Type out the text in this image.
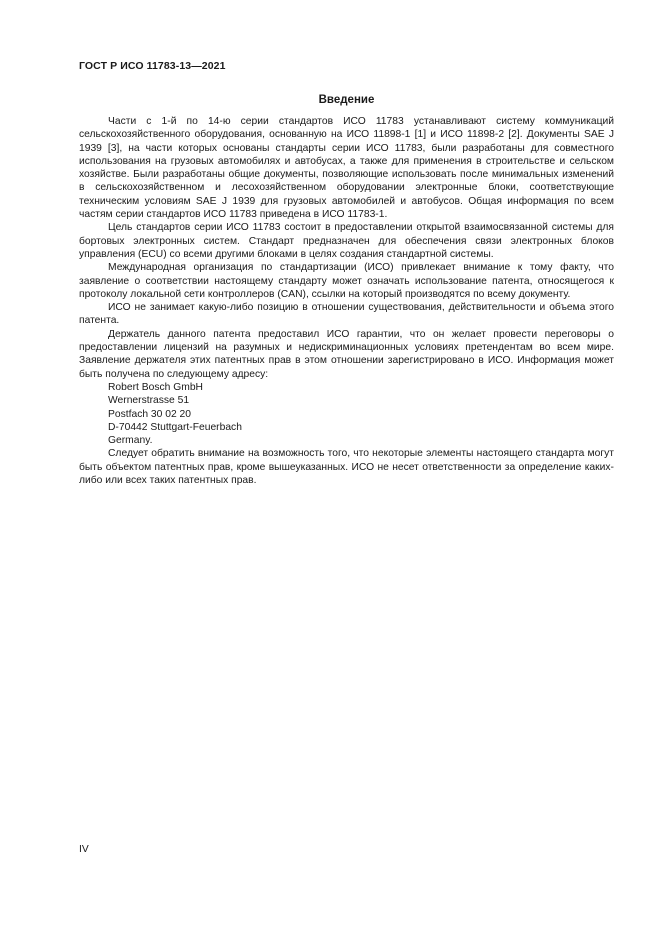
ГОСТ Р ИСО 11783-13—2021
Введение

Части с 1-й по 14-ю серии стандартов ИСО 11783 устанавливают систему коммуникаций сельскохозяйственного оборудования, основанную на ИСО 11898-1 [1] и ИСО 11898-2 [2]. Документы SAE J 1939 [3], на части которых основаны стандарты серии ИСО 11783, были разработаны для совместного использования на грузовых автомобилях и автобусах, а также для применения в строительстве и сельском хозяйстве. Были разработаны общие документы, позволяющие использовать после минимальных изменений в сельскохозяйственном и лесохозяйственном оборудовании электронные блоки, соответствующие техническим условиям SAE J 1939 для грузовых автомобилей и автобусов. Общая информация по всем частям серии стандартов ИСО 11783 приведена в ИСО 11783-1.

Цель стандартов серии ИСО 11783 состоит в предоставлении открытой взаимосвязанной системы для бортовых электронных систем. Стандарт предназначен для обеспечения связи электронных блоков управления (ECU) со всеми другими блоками в целях создания стандартной системы.

Международная организация по стандартизации (ИСО) привлекает внимание к тому факту, что заявление о соответствии настоящему стандарту может означать использование патента, относящегося к протоколу локальной сети контроллеров (CAN), ссылки на который производятся по всему документу.

ИСО не занимает какую-либо позицию в отношении существования, действительности и объема этого патента.

Держатель данного патента предоставил ИСО гарантии, что он желает провести переговоры о предоставлении лицензий на разумных и недискриминационных условиях претендентам во всем мире. Заявление держателя этих патентных прав в этом отношении зарегистрировано в ИСО. Информация может быть получена по следующему адресу:

Robert Bosch GmbH
Wernerstrasse 51
Postfach 30 02 20
D-70442 Stuttgart-Feuerbach
Germany.

Следует обратить внимание на возможность того, что некоторые элементы настоящего стандарта могут быть объектом патентных прав, кроме вышеуказанных. ИСО не несет ответственности за определение каких-либо или всех таких патентных прав.

IV
